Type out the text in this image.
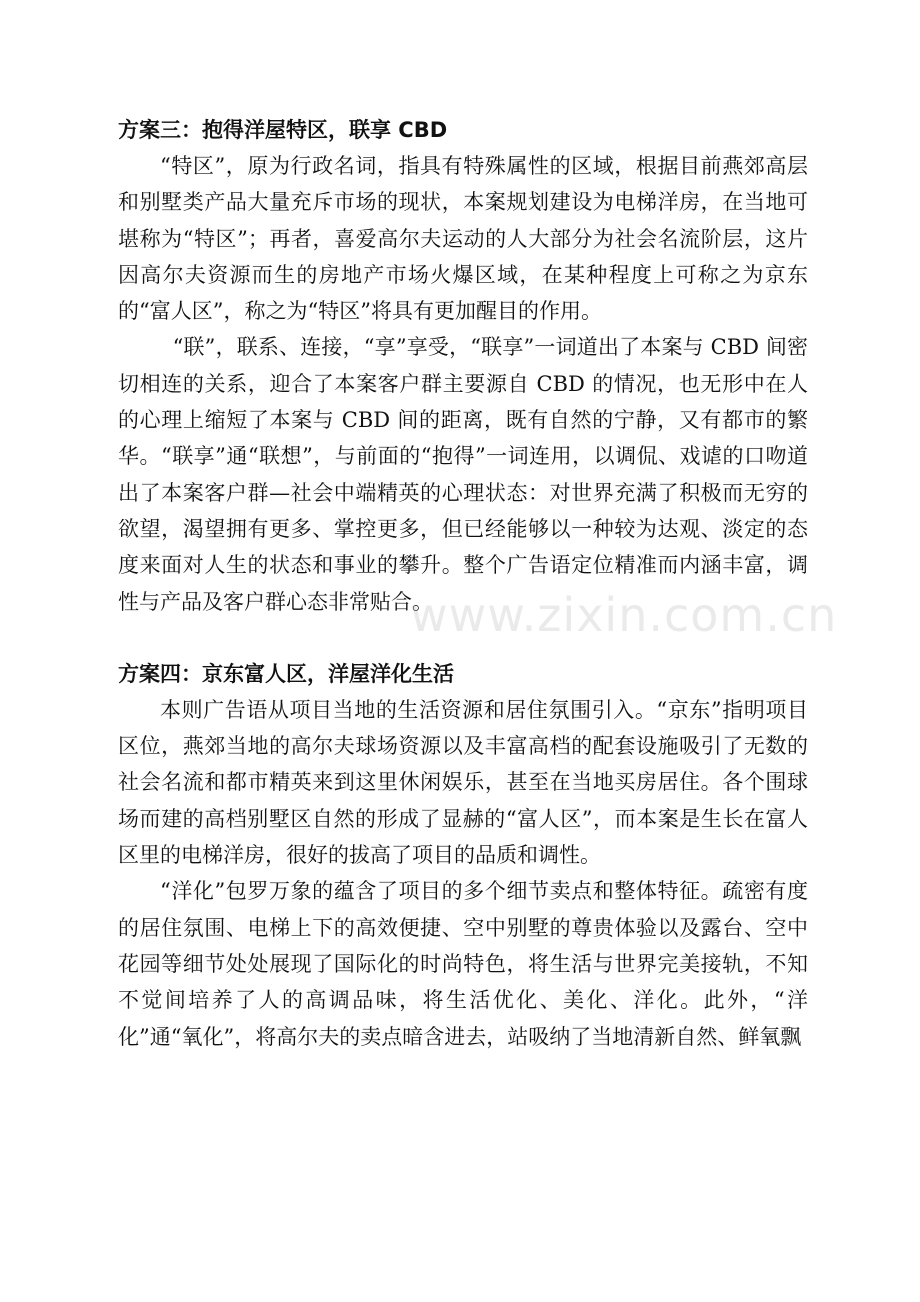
方案三：抱得洋屋特区，联享 CBD

“特区”，原为行政名词，指具有特殊属性的区域，根据目前燕郊高层和别墅类产品大量充斥市场的现状，本案规划建设为电梯洋房，在当地可堪称为“特区”；再者，喜爱高尔夫运动的人大部分为社会名流阶层，这片因高尔夫资源而生的房地产市场火爆区域，在某种程度上可称之为京东的“富人区”，称之为“特区”将具有更加醒目的作用。

“联”，联系、连接，“享”享受，“联享”一词道出了本案与 CBD 间密切相连的关系，迎合了本案客户群主要源自 CBD 的情况，也无形中在人的心理上缩短了本案与 CBD 间的距离，既有自然的宁静，又有都市的繁华。“联享”通“联想”，与前面的“抱得”一词连用，以调侃、戏谑的口吻道出了本案客户群—社会中端精英的心理状态：对世界充满了积极而无穷的欲望，渴望拥有更多、掌控更多，但已经能够以一种较为达观、淡定的态度来面对人生的状态和事业的攀升。整个广告语定位精准而内涵丰富，调性与产品及客户群心态非常贴合。

方案四：京东富人区，洋屋洋化生活

本则广告语从项目当地的生活资源和居住氛围引入。“京东”指明项目区位，燕郊当地的高尔夫球场资源以及丰富高档的配套设施吸引了无数的社会名流和都市精英来到这里休闲娱乐，甚至在当地买房居住。各个围球场而建的高档别墅区自然的形成了显赫的“富人区”，而本案是生长在富人区里的电梯洋房，很好的拔高了项目的品质和调性。

“洋化”包罗万象的蕴含了项目的多个细节卖点和整体特征。疏密有度的居住氛围、电梯上下的高效便捷、空中别墅的尊贵体验以及露台、空中花园等细节处处展现了国际化的时尚特色，将生活与世界完美接轨，不知不觉间培养了人的高调品味，将生活优化、美化、洋化。此外，“洋化”通“氧化”，将高尔夫的卖点暗含进去，站吸纳了当地清新自然、鲜氧飘

www.zixin.com.cn
